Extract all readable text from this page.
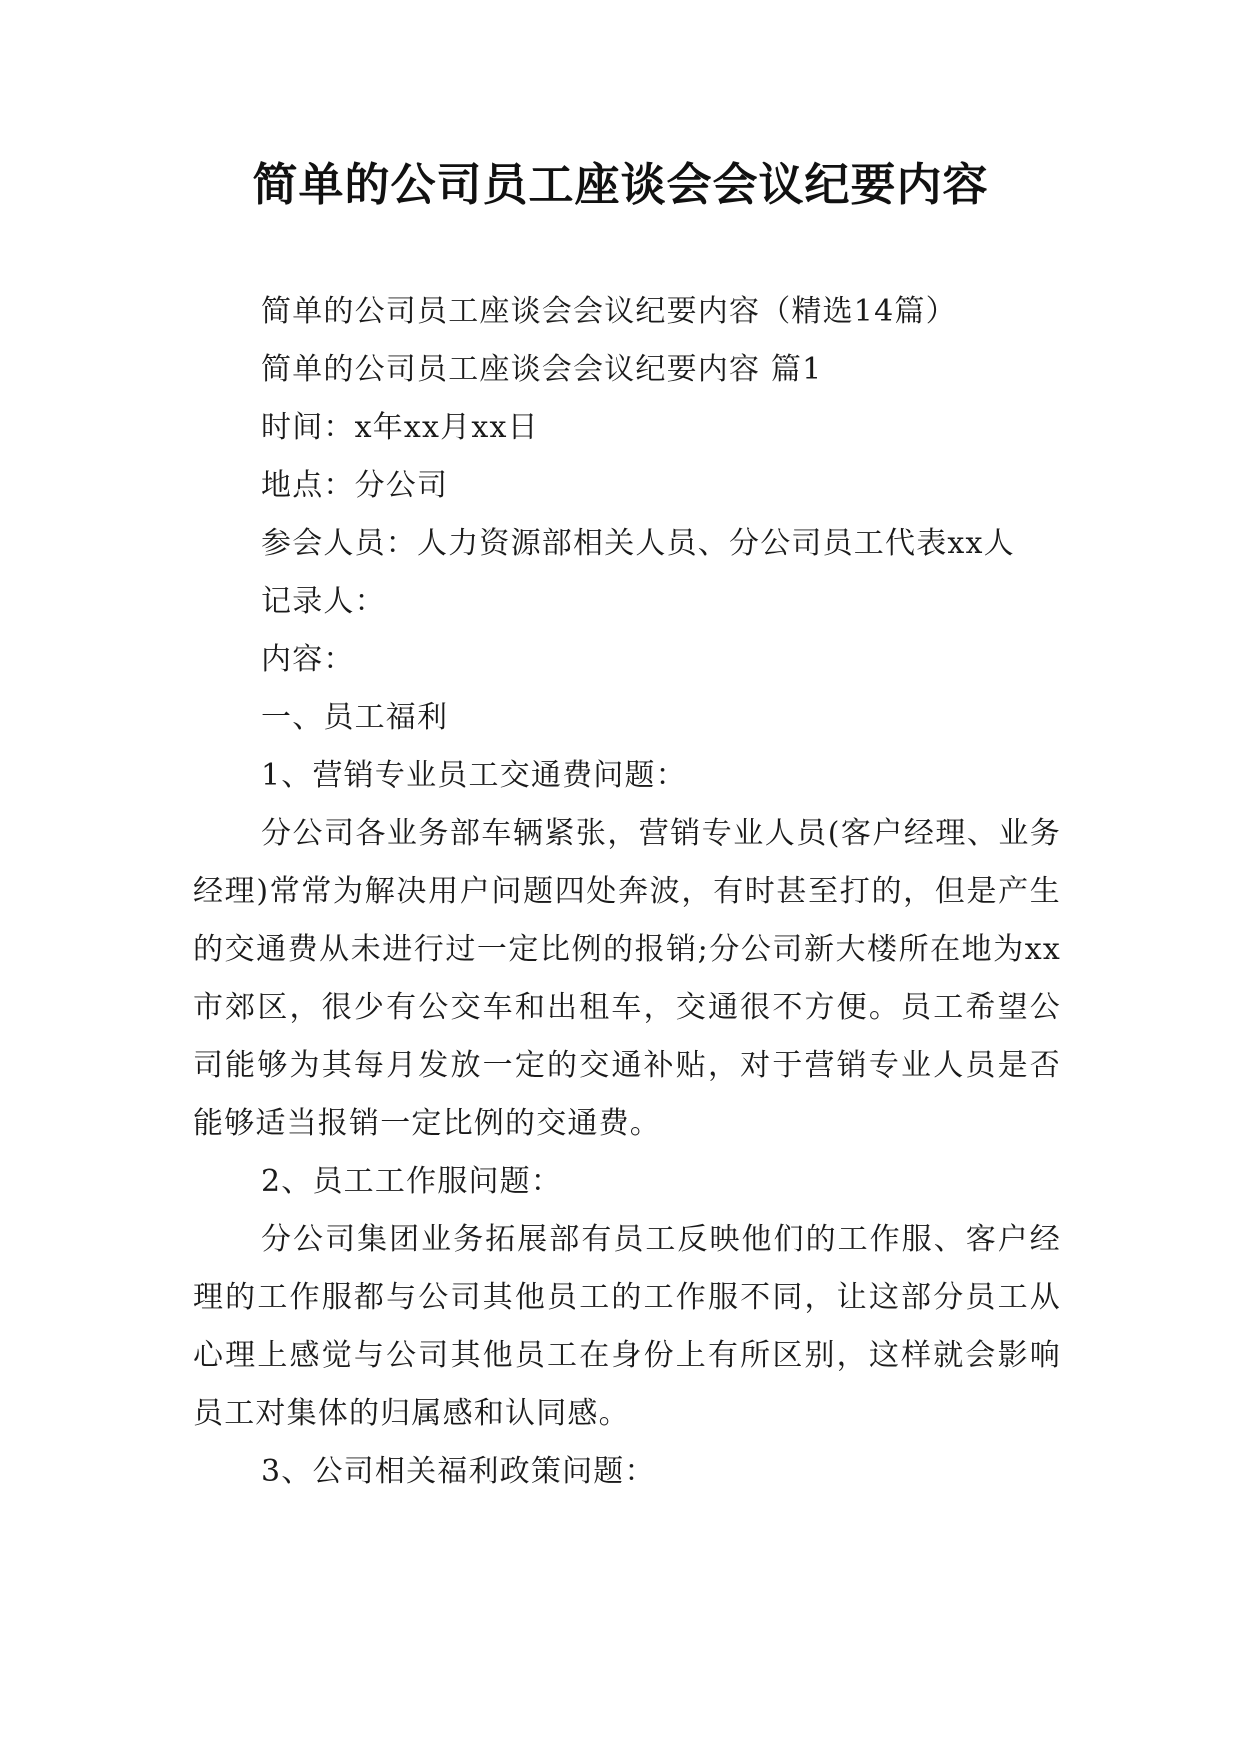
简单的公司员工座谈会会议纪要内容

简单的公司员工座谈会会议纪要内容（精选14篇）

简单的公司员工座谈会会议纪要内容 篇1

时间：x年xx月xx日

地点：分公司

参会人员：人力资源部相关人员、分公司员工代表xx人

记录人：

内容：

一、员工福利

1、营销专业员工交通费问题：

分公司各业务部车辆紧张，营销专业人员(客户经理、业务经理)常常为解决用户问题四处奔波，有时甚至打的，但是产生的交通费从未进行过一定比例的报销;分公司新大楼所在地为xx市郊区，很少有公交车和出租车，交通很不方便。员工希望公司能够为其每月发放一定的交通补贴，对于营销专业人员是否能够适当报销一定比例的交通费。

2、员工工作服问题：

分公司集团业务拓展部有员工反映他们的工作服、客户经理的工作服都与公司其他员工的工作服不同，让这部分员工从心理上感觉与公司其他员工在身份上有所区别，这样就会影响员工对集体的归属感和认同感。

3、公司相关福利政策问题：
